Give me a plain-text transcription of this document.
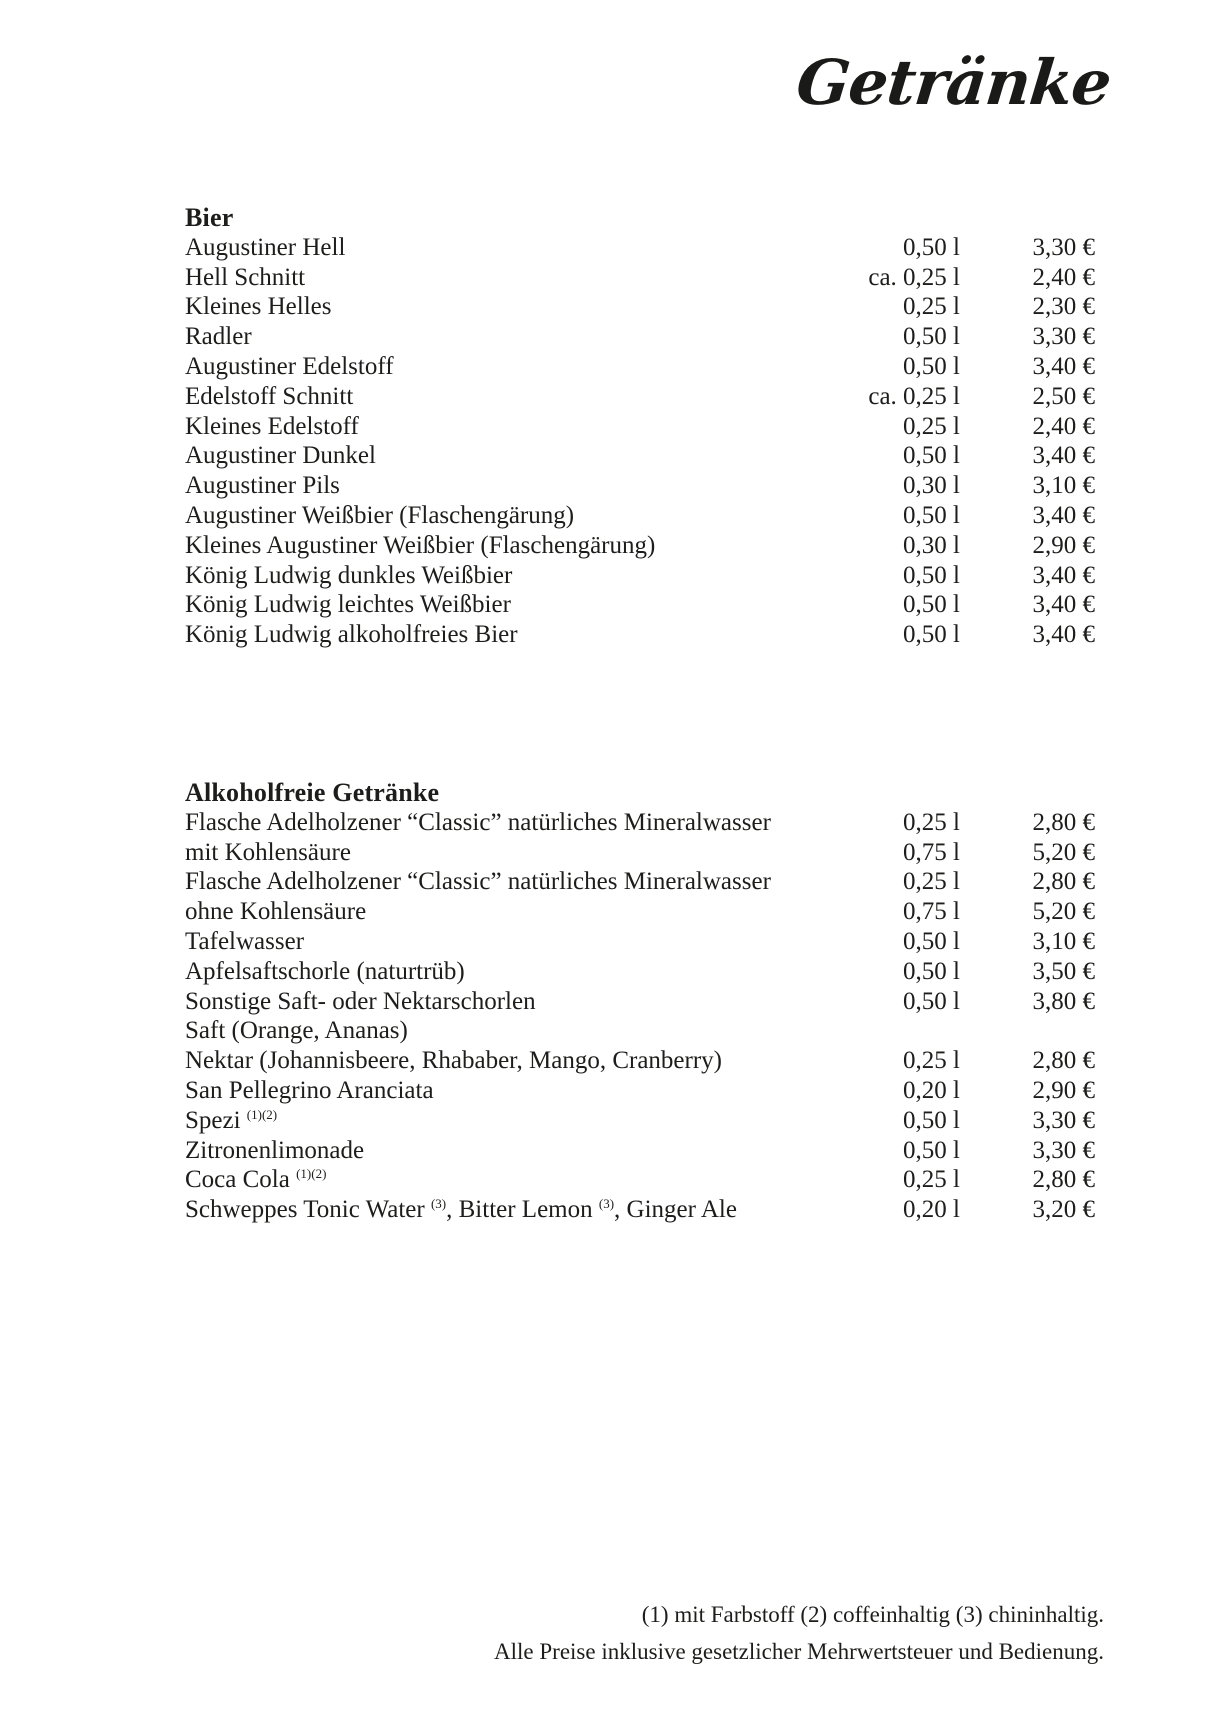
Getränke
Bier
Augustiner Hell	0,50 l	3,30 €
Hell Schnitt	ca. 0,25 l	2,40 €
Kleines Helles	0,25 l	2,30 €
Radler	0,50 l	3,30 €
Augustiner Edelstoff	0,50 l	3,40 €
Edelstoff Schnitt	ca. 0,25 l	2,50 €
Kleines Edelstoff	0,25 l	2,40 €
Augustiner Dunkel	0,50 l	3,40 €
Augustiner Pils	0,30 l	3,10 €
Augustiner Weißbier (Flaschengärung)	0,50 l	3,40 €
Kleines Augustiner Weißbier (Flaschengärung)	0,30 l	2,90 €
König Ludwig dunkles Weißbier	0,50 l	3,40 €
König Ludwig leichtes Weißbier	0,50 l	3,40 €
König Ludwig alkoholfreies Bier	0,50 l	3,40 €
Alkoholfreie Getränke
Flasche Adelholzener “Classic” natürliches Mineralwasser	0,25 l	2,80 €
mit Kohlensäure	0,75 l	5,20 €
Flasche Adelholzener “Classic” natürliches Mineralwasser	0,25 l	2,80 €
ohne Kohlensäure	0,75 l	5,20 €
Tafelwasser	0,50 l	3,10 €
Apfelsaftschorle (naturtrüb)	0,50 l	3,50 €
Sonstige Saft- oder Nektarschorlen	0,50 l	3,80 €
Saft (Orange, Ananas)
Nektar (Johannisbeere, Rhababer, Mango, Cranberry)	0,25 l	2,80 €
San Pellegrino Aranciata	0,20 l	2,90 €
Spezi $^{(1)(2)}$	0,50 l	3,30 €
Zitronenlimonade	0,50 l	3,30 €
Coca Cola $^{(1)(2)}$	0,25 l	2,80 €
Schweppes Tonic Water $^{(3)}$, Bitter Lemon $^{(3)}$, Ginger Ale	0,20 l	3,20 €
(1) mit Farbstoff (2) coffeinhaltig (3) chininhaltig.
Alle Preise inklusive gesetzlicher Mehrwertsteuer und Bedienung.
